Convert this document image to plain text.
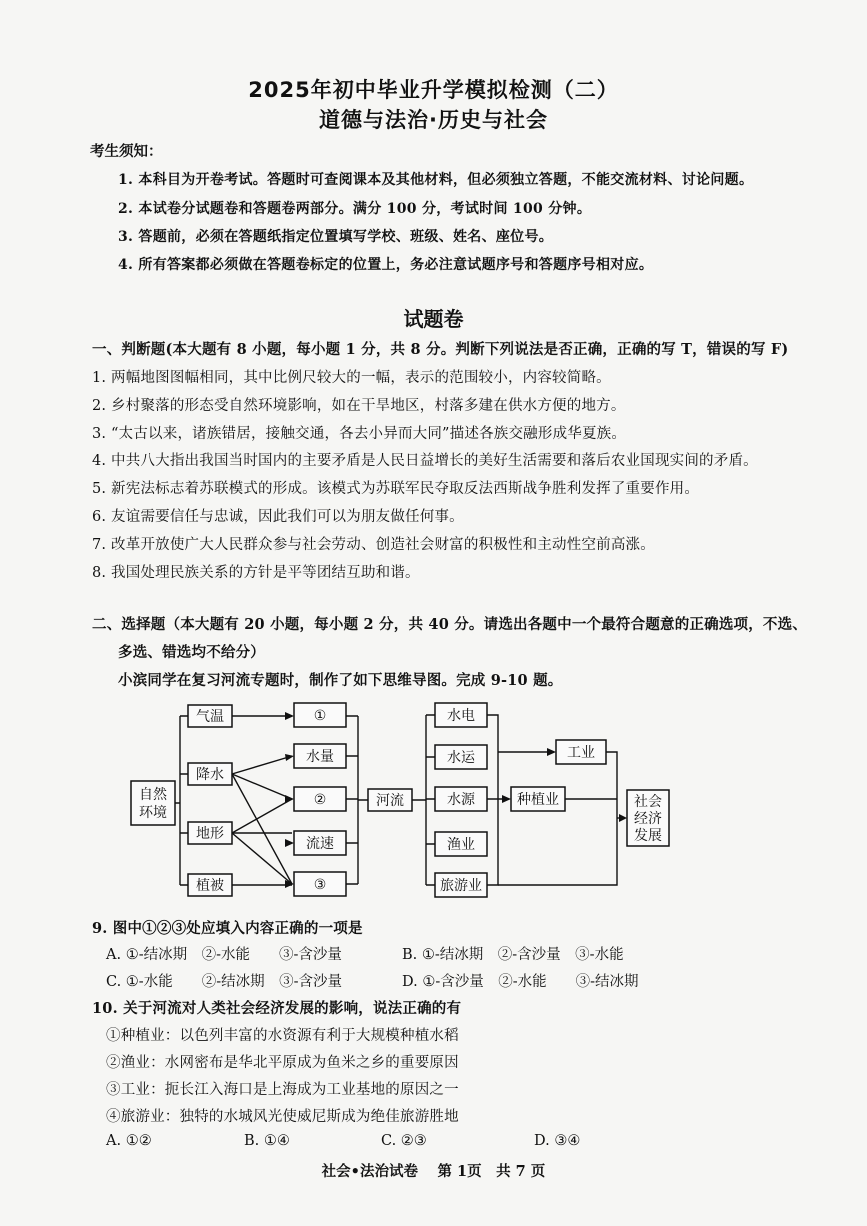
2025年初中毕业升学模拟检测（二）
道德与法治·历史与社会
考生须知：
1. 本科目为开卷考试。答题时可查阅课本及其他材料，但必须独立答题，不能交流材料、讨论问题。
2. 本试卷分试题卷和答题卷两部分。满分 100 分，考试时间 100 分钟。
3. 答题前，必须在答题纸指定位置填写学校、班级、姓名、座位号。
4. 所有答案都必须做在答题卷标定的位置上，务必注意试题序号和答题序号相对应。
试题卷
一、判断题(本大题有 8 小题，每小题 1 分，共 8 分。判断下列说法是否正确，正确的写 T，错误的写 F)
1. 两幅地图图幅相同，其中比例尺较大的一幅，表示的范围较小，内容较简略。
2. 乡村聚落的形态受自然环境影响，如在干旱地区，村落多建在供水方便的地方。
3. “太古以来，诸族错居，接触交通，各去小异而大同”描述各族交融形成华夏族。
4. 中共八大指出我国当时国内的主要矛盾是人民日益增长的美好生活需要和落后农业国现实间的矛盾。
5. 新宪法标志着苏联模式的形成。该模式为苏联军民夺取反法西斯战争胜利发挥了重要作用。
6. 友谊需要信任与忠诚，因此我们可以为朋友做任何事。
7. 改革开放使广大人民群众参与社会劳动、创造社会财富的积极性和主动性空前高涨。
8. 我国处理民族关系的方针是平等团结互助和谐。
二、选择题（本大题有 20 小题，每小题 2 分，共 40 分。请选出各题中一个最符合题意的正确选项，不选、
多选、错选均不给分）
小滨同学在复习河流专题时，制作了如下思维导图。完成 9-10 题。
自然
环境
气温
降水
地形
植被
①
水量
②
流速
③
河流
水电
水运
水源
渔业
旅游业
工业
种植业	社会
经济
发展
9. 图中①②③处应填入内容正确的一项是
A. ①-结冰期　②-水能　　③-含沙量	B. ①-结冰期　②-含沙量　③-水能
C. ①-水能　　②-结冰期　③-含沙量	D. ①-含沙量　②-水能　　③-结冰期
10. 关于河流对人类社会经济发展的影响，说法正确的有
①种植业：以色列丰富的水资源有利于大规模种植水稻
②渔业：水网密布是华北平原成为鱼米之乡的重要原因
③工业：扼长江入海口是上海成为工业基地的原因之一
④旅游业：独特的水城风光使威尼斯成为绝佳旅游胜地
A. ①②	B. ①④	C. ②③	D. ③④
社会•法治试卷　 第 1页　共 7 页
